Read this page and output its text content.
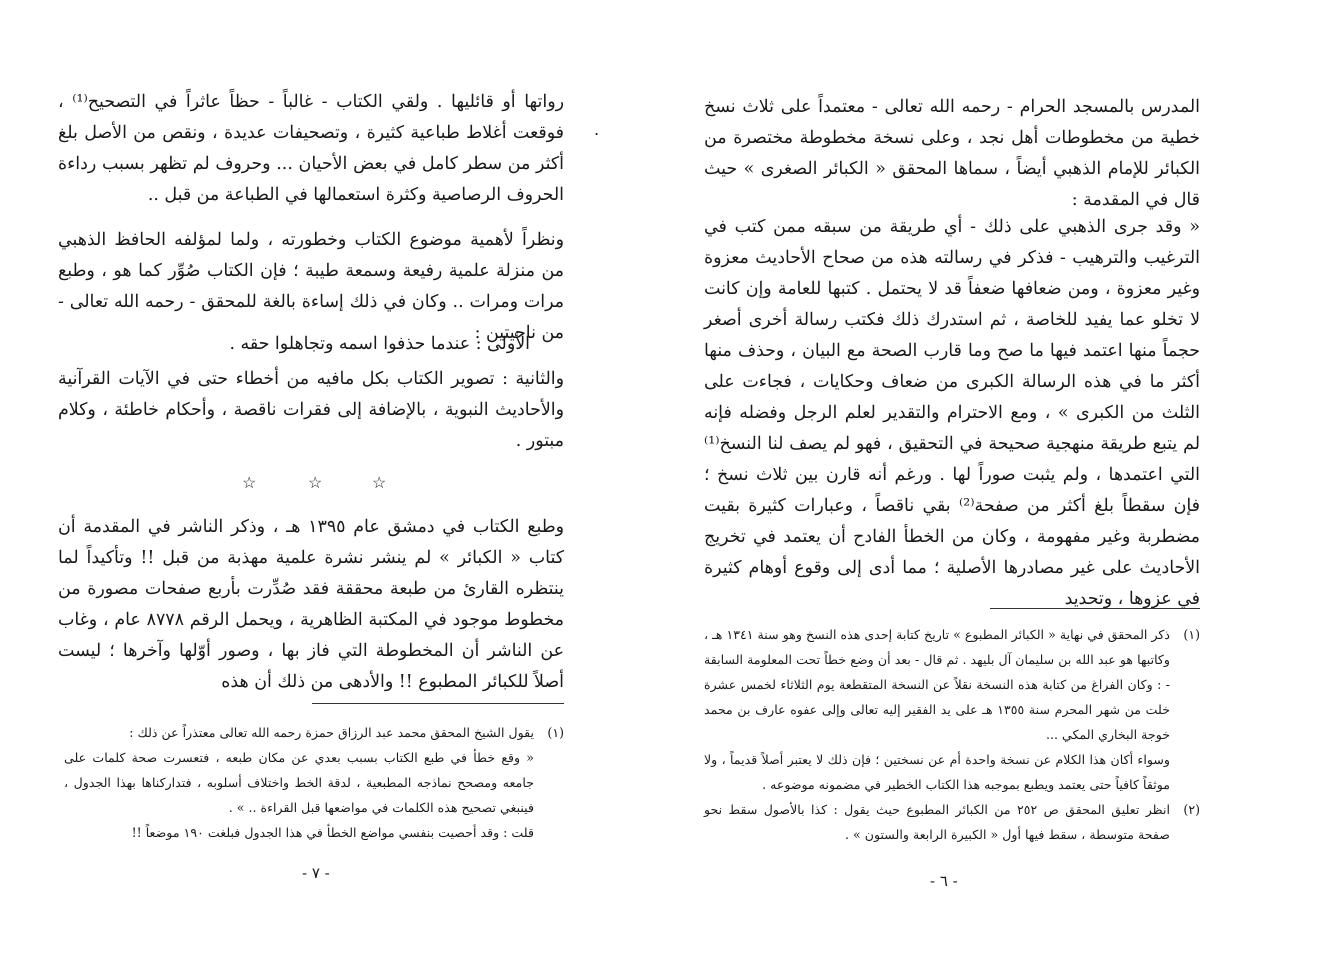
رواتها أو قائليها . ولقي الكتاب - غالباً - حظاً عاثراً في التصحيح⁽¹⁾ ، فوقعت أغلاط طباعية كثيرة ، وتصحيفات عديدة ، ونقص من الأصل بلغ أكثر من سطر كامل في بعض الأحيان ... وحروف لم تظهر بسبب رداءة الحروف الرصاصية وكثرة استعمالها في الطباعة من قبل ..

ونظراً لأهمية موضوع الكتاب وخطورته ، ولما لمؤلفه الحافظ الذهبي من منزلة علمية رفيعة وسمعة طيبة ؛ فإن الكتاب صُوِّر كما هو ، وطبع مرات ومرات .. وكان في ذلك إساءة بالغة للمحقق - رحمه الله تعالى - من ناحيتين :

الأولى : عندما حذفوا اسمه وتجاهلوا حقه .

والثانية : تصوير الكتاب بكل مافيه من أخطاء حتى في الآيات القرآنية والأحاديث النبوية ، بالإضافة إلى فقرات ناقصة ، وأحكام خاطئة ، وكلام مبتور .

وطبع الكتاب في دمشق عام ١٣٩٥ هـ ، وذكر الناشر في المقدمة أن كتاب « الكبائر » لم ينشر نشرة علمية مهذبة من قبل !! وتأكيداً لما ينتظره القارئ من طبعة محققة فقد صُدِّرت بأربع صفحات مصورة من مخطوط موجود في المكتبة الظاهرية ، ويحمل الرقم ٨٧٧٨ عام ، وغاب عن الناشر أن المخطوطة التي فاز بها ، وصور أوّلها وآخرها ؛ ليست أصلاً للكبائر المطبوع !! والأدهى من ذلك أن هذه

☆
☆
☆
.
(١)
يقول الشيخ المحقق محمد عبد الرزاق حمزة رحمه الله تعالى معتذراً عن ذلك :
« وقع خطأ في طبع الكتاب بسبب بعدي عن مكان طبعه ، فتعسرت صحة كلمات على جامعه ومصحح نماذجه المطبعية ، لدقة الخط واختلاف أسلوبه ، فتداركناها بهذا الجدول ، فينبغي تصحيح هذه الكلمات في مواضعها قبل القراءة .. » .
قلت : وقد أحصيت بنفسي مواضع الخطأ في هذا الجدول فبلغت ١٩٠ موضعاً !!
- ٧ -

المدرس بالمسجد الحرام - رحمه الله تعالى - معتمداً على ثلاث نسخ خطية من مخطوطات أهل نجد ، وعلى نسخة مخطوطة مختصرة من الكبائر للإمام الذهبي أيضاً ، سماها المحقق « الكبائر الصغرى » حيث قال في المقدمة :

« وقد جرى الذهبي على ذلك - أي طريقة من سبقه ممن كتب في الترغيب والترهيب - فذكر في رسالته هذه من صحاح الأحاديث معزوة وغير معزوة ، ومن ضعافها ضعفاً قد لا يحتمل . كتبها للعامة وإن كانت لا تخلو عما يفيد للخاصة ، ثم استدرك ذلك فكتب رسالة أخرى أصغر حجماً منها اعتمد فيها ما صح وما قارب الصحة مع البيان ، وحذف منها أكثر ما في هذه الرسالة الكبرى من ضعاف وحكايات ، فجاءت على الثلث من الكبرى » ، ومع الاحترام والتقدير لعلم الرجل وفضله فإنه لم يتبع طريقة منهجية صحيحة في التحقيق ، فهو لم يصف لنا النسخ⁽¹⁾ التي اعتمدها ، ولم يثبت صوراً لها . ورغم أنه قارن بين ثلاث نسخ ؛ فإن سقطاً بلغ أكثر من صفحة⁽²⁾ بقي ناقصاً ، وعبارات كثيرة بقيت مضطربة وغير مفهومة ، وكان من الخطأ الفادح أن يعتمد في تخريج الأحاديث على غير مصادرها الأصلية ؛ مما أدى إلى وقوع أوهام كثيرة في عزوها ، وتحديد

(١)
ذكر المحقق في نهاية « الكبائر المطبوع » تاريخ كتابة إحدى هذه النسخ وهو سنة ١٣٤١ هـ ، وكاتبها هو عبد الله بن سليمان آل بليهد . ثم قال - بعد أن وضع خطاً تحت المعلومة السابقة - : وكان الفراغ من كتابة هذه النسخة نقلاً عن النسخة المتقطعة يوم الثلاثاء لخمس عشرة خلت من شهر المحرم سنة ١٣٥٥ هـ على يد الفقير إليه تعالى وإلى عفوه عارف بن محمد خوجة البخاري المكي ...
وسواء أكان هذا الكلام عن نسخة واحدة أم عن نسختين ؛ فإن ذلك لا يعتبر أصلاً قديماً ، ولا موثقاً كافياً حتى يعتمد ويطبع بموجبه هذا الكتاب الخطير في مضمونه موضوعه .
(٢)
انظر تعليق المحقق ص ٢٥٢ من الكبائر المطبوع حيث يقول : كذا بالأصول سقط نحو صفحة متوسطة ، سقط فيها أول « الكبيرة الرابعة والستون » .
- ٦ -
